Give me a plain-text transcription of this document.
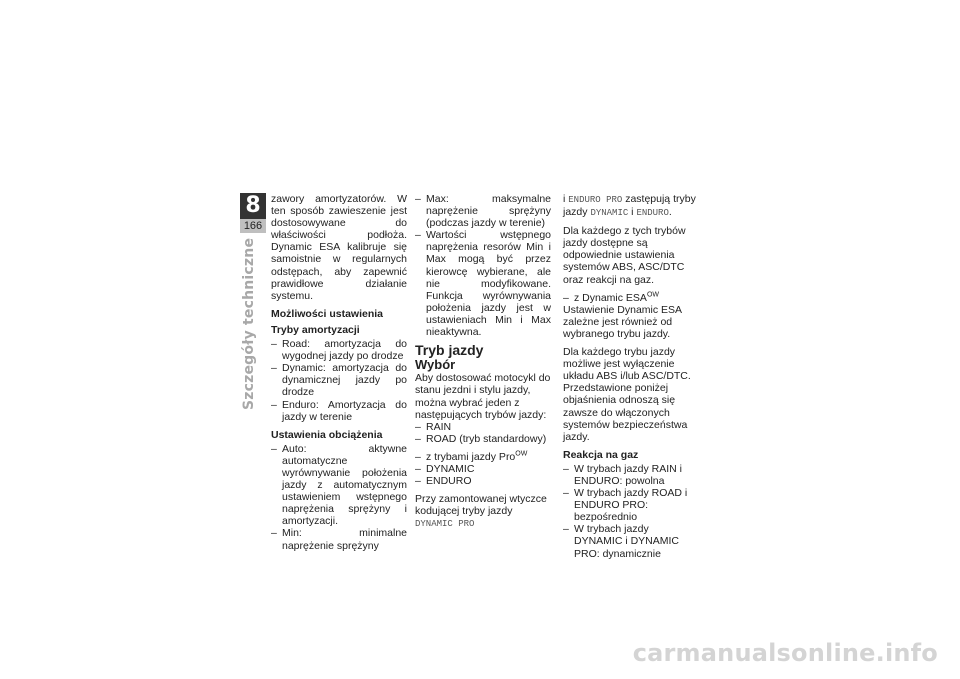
8
166
Szczegóły techniczne

zawory amortyzatorów. W ten sposób zawieszenie jest dostosowywane do właściwości podłoża. Dynamic ESA kalibruje się samoistnie w regularnych odstępach, aby zapewnić prawidłowe działanie systemu.

Możliwości ustawienia
Tryby amortyzacji
– Road: amortyzacja do wygodnej jazdy po drodze
– Dynamic: amortyzacja do dynamicznej jazdy po drodze
– Enduro: Amortyzacja do jazdy w terenie
Ustawienia obciążenia
– Auto: aktywne automatyczne wyrównywanie położenia jazdy z automatycznym ustawieniem wstępnego naprężenia sprężyny i amortyzacji.
– Min: minimalne naprężenie sprężyny
– Max: maksymalne naprężenie sprężyny (podczas jazdy w terenie)
– Wartości wstępnego naprężenia resorów Min i Max mogą być przez kierowcę wybierane, ale nie modyfikowane. Funkcja wyrównywania położenia jazdy jest w ustawieniach Min i Max nieaktywna.
Tryb jazdy
Wybór

Aby dostosować motocykl do stanu jezdni i stylu jazdy, można wybrać jeden z następujących trybów jazdy:

– RAIN
– ROAD (tryb standardowy)
– z trybami jazdy Pro$^{OW}$
– DYNAMIC
– ENDURO

Przy zamontowanej wtyczce kodującej tryby jazdy DYNAMIC PRO

i ENDURO PRO zastępują tryby jazdy DYNAMIC i ENDURO.

Dla każdego z tych trybów jazdy dostępne są odpowiednie ustawienia systemów ABS, ASC/DTC oraz reakcji na gaz.

– z Dynamic $ESA^{OW}$

Ustawienie Dynamic ESA zależne jest również od wybranego trybu jazdy.

Dla każdego trybu jazdy możliwe jest wyłączenie układu ABS i/lub ASC/DTC. Przedstawione poniżej objaśnienia odnoszą się zawsze do włączonych systemów bezpieczeństwa jazdy.

Reakcja na gaz
– W trybach jazdy RAIN i ENDURO: powolna
– W trybach jazdy ROAD i ENDURO PRO: bezpośrednio
– W trybach jazdy DYNAMIC i DYNAMIC PRO: dynamicznie
carmanualsonline.info
